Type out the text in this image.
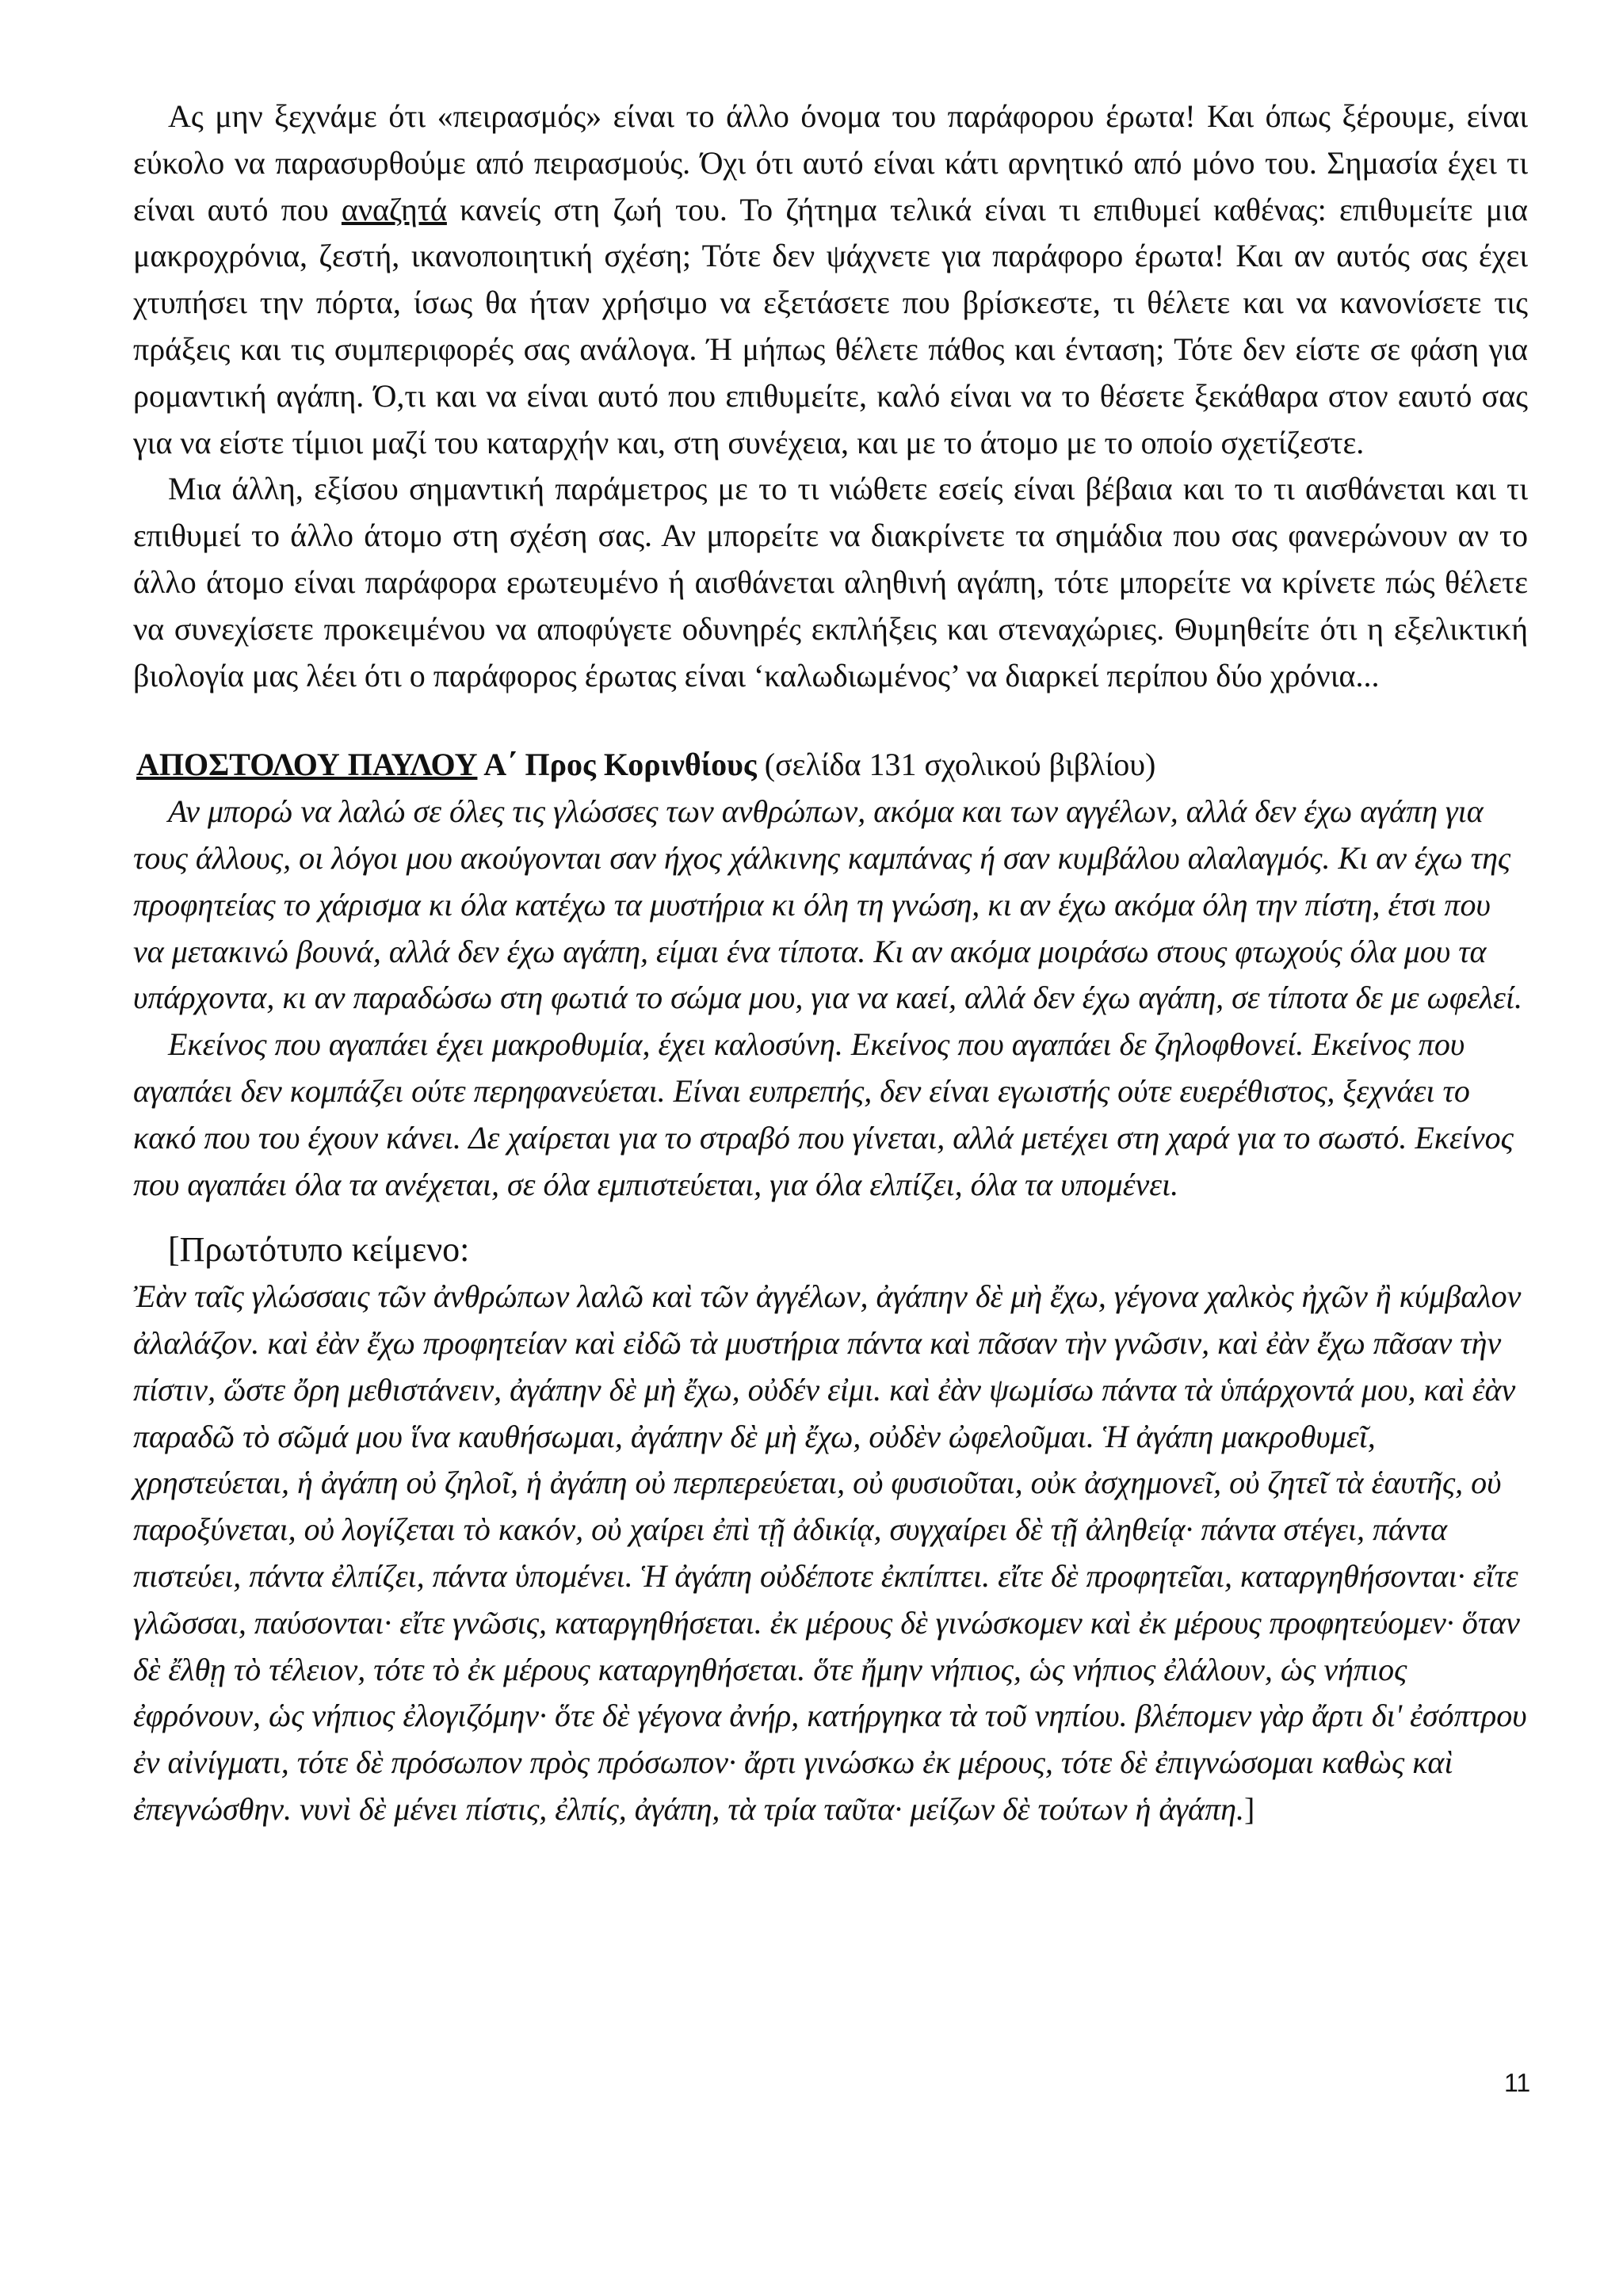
Ας μην ξεχνάμε ότι «πειρασμός» είναι το άλλο όνομα του παράφορου έρωτα! Και όπως ξέρουμε, είναι εύκολο να παρασυρθούμε από πειρασμούς. Όχι ότι αυτό είναι κάτι αρνητικό από μόνο του. Σημασία έχει τι είναι αυτό που αναζητά κανείς στη ζωή του. Το ζήτημα τελικά είναι τι επιθυμεί καθένας: επιθυμείτε μια μακροχρόνια, ζεστή, ικανοποιητική σχέση; Τότε δεν ψάχνετε για παράφορο έρωτα! Και αν αυτός σας έχει χτυπήσει την πόρτα, ίσως θα ήταν χρήσιμο να εξετάσετε που βρίσκεστε, τι θέλετε και να κανονίσετε τις πράξεις και τις συμπεριφορές σας ανάλογα. Ή μήπως θέλετε πάθος και ένταση; Τότε δεν είστε σε φάση για ρομαντική αγάπη. Ό,τι και να είναι αυτό που επιθυμείτε, καλό είναι να το θέσετε ξεκάθαρα στον εαυτό σας για να είστε τίμιοι μαζί του καταρχήν και, στη συνέχεια, και με το άτομο με το οποίο σχετίζεστε.

Μια άλλη, εξίσου σημαντική παράμετρος με το τι νιώθετε εσείς είναι βέβαια και το τι αισθάνεται και τι επιθυμεί το άλλο άτομο στη σχέση σας. Αν μπορείτε να διακρίνετε τα σημάδια που σας φανερώνουν αν το άλλο άτομο είναι παράφορα ερωτευμένο ή αισθάνεται αληθινή αγάπη, τότε μπορείτε να κρίνετε πώς θέλετε να συνεχίσετε προκειμένου να αποφύγετε οδυνηρές εκπλήξεις και στεναχώριες. Θυμηθείτε ότι η εξελικτική βιολογία μας λέει ότι ο παράφορος έρωτας είναι ‘καλωδιωμένος’ να διαρκεί περίπου δύο χρόνια...

ΑΠΟΣΤΟΛΟΥ ΠΑΥΛΟΥ Α΄ Προς Κορινθίους (σελίδα 131 σχολικού βιβλίου)

Αν μπορώ να λαλώ σε όλες τις γλώσσες των ανθρώπων, ακόμα και των αγγέλων, αλλά δεν έχω αγάπη για τους άλλους, οι λόγοι μου ακούγονται σαν ήχος χάλκινης καμπάνας ή σαν κυμβάλου αλαλαγμός. Κι αν έχω της προφητείας το χάρισμα κι όλα κατέχω τα μυστήρια κι όλη τη γνώση, κι αν έχω ακόμα όλη την πίστη, έτσι που να μετακινώ βουνά, αλλά δεν έχω αγάπη, είμαι ένα τίποτα. Κι αν ακόμα μοιράσω στους φτωχούς όλα μου τα υπάρχοντα, κι αν παραδώσω στη φωτιά το σώμα μου, για να καεί, αλλά δεν έχω αγάπη, σε τίποτα δε με ωφελεί.

Εκείνος που αγαπάει έχει μακροθυμία, έχει καλοσύνη. Εκείνος που αγαπάει δε ζηλοφθονεί. Εκείνος που αγαπάει δεν κομπάζει ούτε περηφανεύεται. Είναι ευπρεπής, δεν είναι εγωιστής ούτε ευερέθιστος, ξεχνάει το κακό που του έχουν κάνει. Δε χαίρεται για το στραβό που γίνεται, αλλά μετέχει στη χαρά για το σωστό. Εκείνος που αγαπάει όλα τα ανέχεται, σε όλα εμπιστεύεται, για όλα ελπίζει, όλα τα υπομένει.

[Πρωτότυπο κείμενο:

Ἐὰν ταῖς γλώσσαις τῶν ἀνθρώπων λαλῶ καὶ τῶν ἀγγέλων, ἀγάπην δὲ μὴ ἔχω, γέγονα χαλκὸς ἠχῶν ἢ κύμβαλον ἀλαλάζον. καὶ ἐὰν ἔχω προφητείαν καὶ εἰδῶ τὰ μυστήρια πάντα καὶ πᾶσαν τὴν γνῶσιν, καὶ ἐὰν ἔχω πᾶσαν τὴν πίστιν, ὥστε ὄρη μεθιστάνειν, ἀγάπην δὲ μὴ ἔχω, οὐδέν εἰμι. καὶ ἐὰν ψωμίσω πάντα τὰ ὑπάρχοντά μου, καὶ ἐὰν παραδῶ τὸ σῶμά μου ἵνα καυθήσωμαι, ἀγάπην δὲ μὴ ἔχω, οὐδὲν ὠφελοῦμαι. Ἡ ἀγάπη μακροθυμεῖ, χρηστεύεται, ἡ ἀγάπη οὐ ζηλοῖ, ἡ ἀγάπη οὐ περπερεύεται, οὐ φυσιοῦται, οὐκ ἀσχημονεῖ, οὐ ζητεῖ τὰ ἑαυτῆς, οὐ παροξύνεται, οὐ λογίζεται τὸ κακόν, οὐ χαίρει ἐπὶ τῇ ἀδικίᾳ, συγχαίρει δὲ τῇ ἀληθείᾳ· πάντα στέγει, πάντα πιστεύει, πάντα ἐλπίζει, πάντα ὑπομένει. Ἡ ἀγάπη οὐδέποτε ἐκπίπτει. εἴτε δὲ προφητεῖαι, καταργηθήσονται· εἴτε γλῶσσαι, παύσονται· εἴτε γνῶσις, καταργηθήσεται. ἐκ μέρους δὲ γινώσκομεν καὶ ἐκ μέρους προφητεύομεν· ὅταν δὲ ἔλθῃ τὸ τέλειον, τότε τὸ ἐκ μέρους καταργηθήσεται. ὅτε ἤμην νήπιος, ὡς νήπιος ἐλάλουν, ὡς νήπιος ἐφρόνουν, ὡς νήπιος ἐλογιζόμην· ὅτε δὲ γέγονα ἀνήρ, κατήργηκα τὰ τοῦ νηπίου. βλέπομεν γὰρ ἄρτι δι' ἐσόπτρου ἐν αἰνίγματι, τότε δὲ πρόσωπον πρὸς πρόσωπον· ἄρτι γινώσκω ἐκ μέρους, τότε δὲ ἐπιγνώσομαι καθὼς καὶ ἐπεγνώσθην. νυνὶ δὲ μένει πίστις, ἐλπίς, ἀγάπη, τὰ τρία ταῦτα· μείζων δὲ τούτων ἡ ἀγάπη.]

11
